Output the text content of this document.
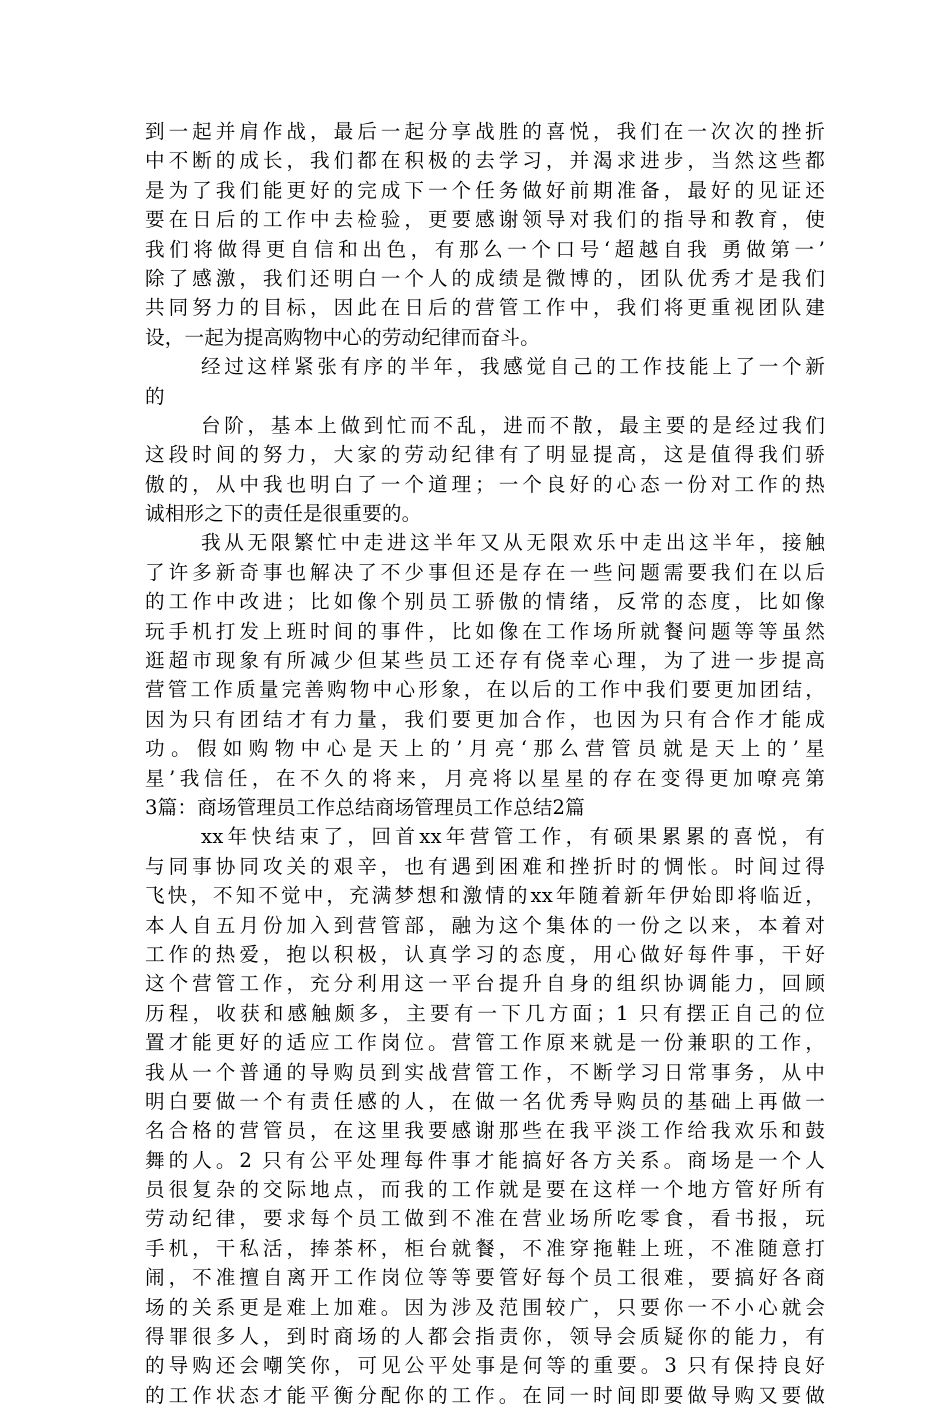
到一起并肩作战，最后一起分享战胜的喜悦，我们在一次次的挫折
中不断的成长，我们都在积极的去学习，并渴求进步，当然这些都
是为了我们能更好的完成下一个任务做好前期准备，最好的见证还
要在日后的工作中去检验，更要感谢领导对我们的指导和教育，使
我们将做得更自信和出色，有那么一个口号‘超越自我 勇做第一’
除了感激，我们还明白一个人的成绩是微博的，团队优秀才是我们
共同努力的目标，因此在日后的营管工作中，我们将更重视团队建
设，一起为提高购物中心的劳动纪律而奋斗。
经过这样紧张有序的半年，我感觉自己的工作技能上了一个新
的
台阶，基本上做到忙而不乱，进而不散，最主要的是经过我们
这段时间的努力，大家的劳动纪律有了明显提高，这是值得我们骄
傲的，从中我也明白了一个道理；一个良好的心态一份对工作的热
诚相形之下的责任是很重要的。
我从无限繁忙中走进这半年又从无限欢乐中走出这半年，接触
了许多新奇事也解决了不少事但还是存在一些问题需要我们在以后
的工作中改进；比如像个别员工骄傲的情绪，反常的态度，比如像
玩手机打发上班时间的事件，比如像在工作场所就餐问题等等虽然
逛超市现象有所减少但某些员工还存有侥幸心理，为了进一步提高
营管工作质量完善购物中心形象，在以后的工作中我们要更加团结，
因为只有团结才有力量，我们要更加合作，也因为只有合作才能成
功。假如购物中心是天上的’月亮‘那么营管员就是天上的’星
星’我信任，在不久的将来，月亮将以星星的存在变得更加嘹亮第
3篇：商场管理员工作总结商场管理员工作总结2篇
xx年快结束了，回首xx年营管工作，有硕果累累的喜悦，有
与同事协同攻关的艰辛，也有遇到困难和挫折时的惆怅。时间过得
飞快，不知不觉中，充满梦想和激情的xx年随着新年伊始即将临近，
本人自五月份加入到营管部，融为这个集体的一份之以来，本着对
工作的热爱，抱以积极，认真学习的态度，用心做好每件事，干好
这个营管工作，充分利用这一平台提升自身的组织协调能力，回顾
历程，收获和感触颇多，主要有一下几方面；1 只有摆正自己的位
置才能更好的适应工作岗位。营管工作原来就是一份兼职的工作，
我从一个普通的导购员到实战营管工作，不断学习日常事务，从中
明白要做一个有责任感的人，在做一名优秀导购员的基础上再做一
名合格的营管员，在这里我要感谢那些在我平淡工作给我欢乐和鼓
舞的人。2 只有公平处理每件事才能搞好各方关系。商场是一个人
员很复杂的交际地点，而我的工作就是要在这样一个地方管好所有
劳动纪律，要求每个员工做到不准在营业场所吃零食，看书报，玩
手机，干私活，捧茶杯，柜台就餐，不准穿拖鞋上班，不准随意打
闹，不准擅自离开工作岗位等等要管好每个员工很难，要搞好各商
场的关系更是难上加难。因为涉及范围较广，只要你一不小心就会
得罪很多人，到时商场的人都会指责你，领导会质疑你的能力，有
的导购还会嘲笑你，可见公平处事是何等的重要。3 只有保持良好
的工作状态才能平衡分配你的工作。在同一时间即要做导购又要做
